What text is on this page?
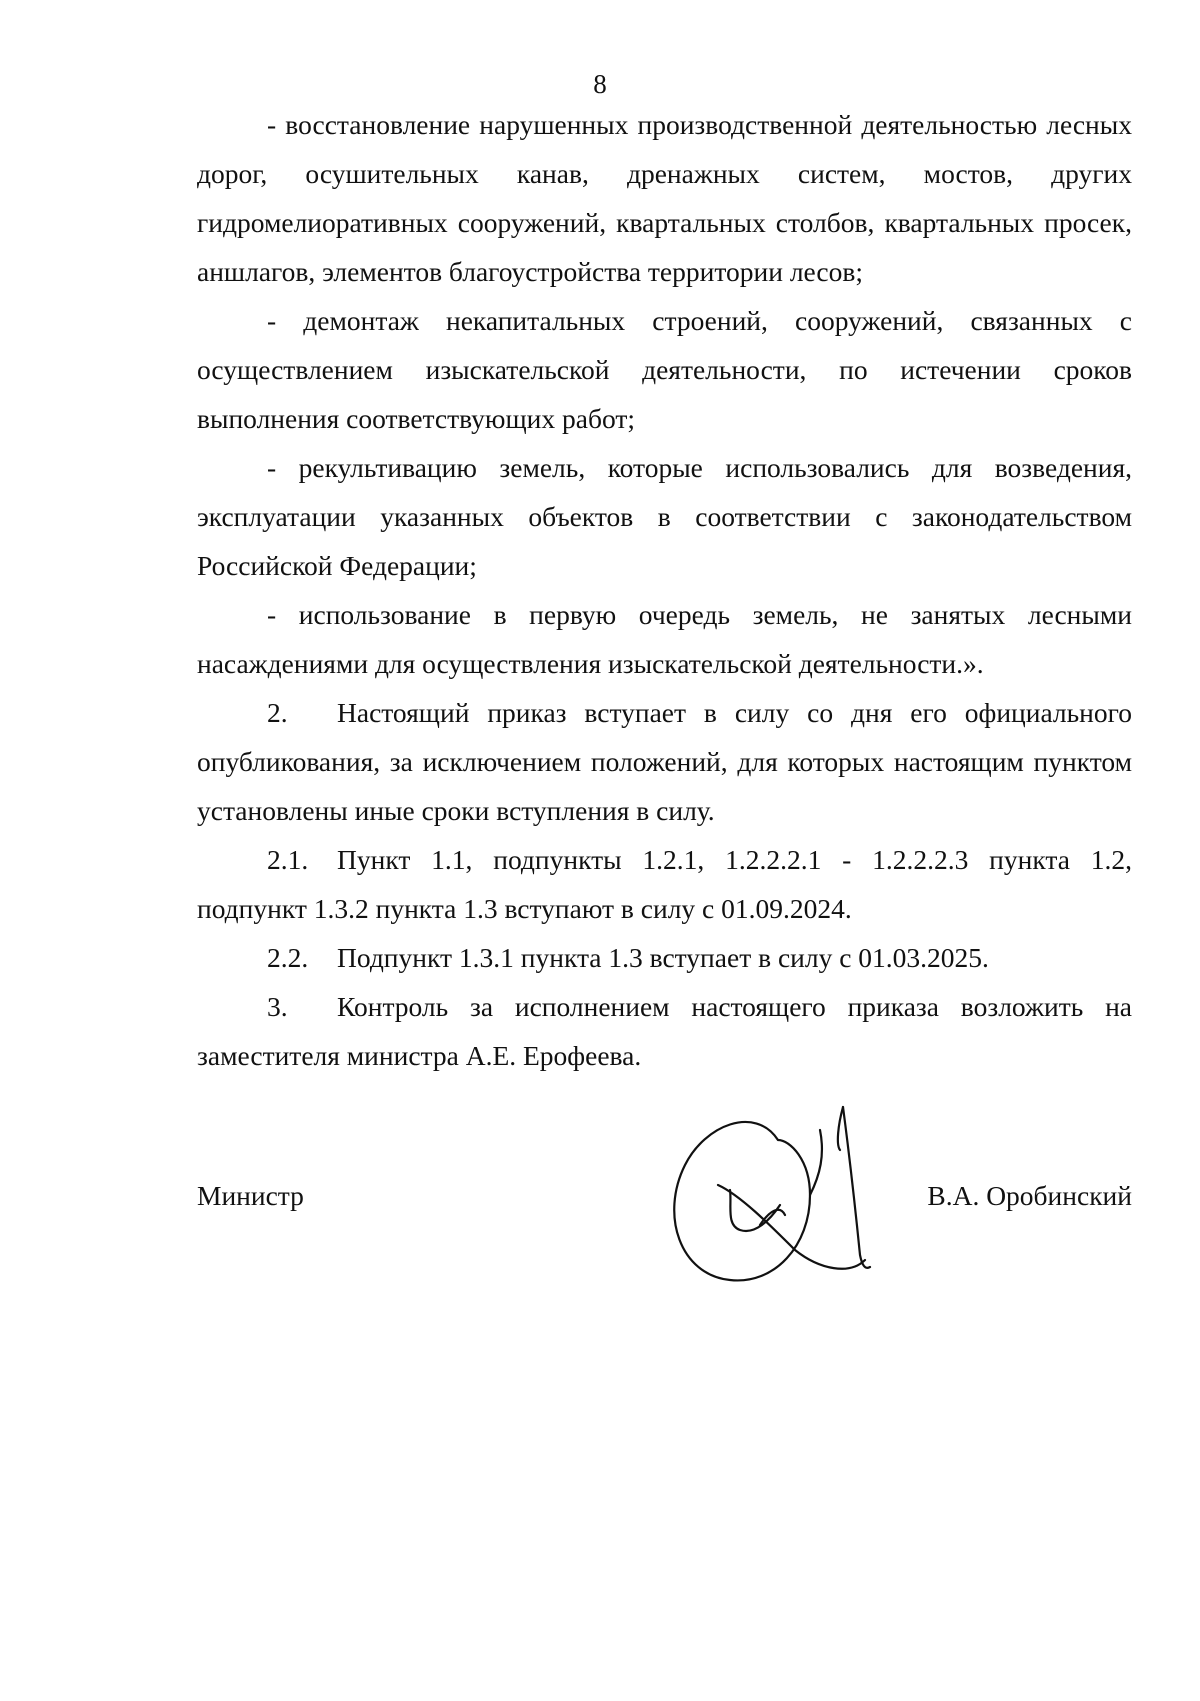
8

- восстановление нарушенных производственной деятельностью лесных дорог, осушительных канав, дренажных систем, мостов, других гидромелиоративных сооружений, квартальных столбов, квартальных просек, аншлагов, элементов благоустройства территории лесов;

- демонтаж некапитальных строений, сооружений, связанных с осуществлением изыскательской деятельности, по истечении сроков выполнения соответствующих работ;

- рекультивацию земель, которые использовались для возведения, эксплуатации указанных объектов в соответствии с законодательством Российской Федерации;

- использование в первую очередь земель, не занятых лесными насаждениями для осуществления изыскательской деятельности.».

2. Настоящий приказ вступает в силу со дня его официального опубликования, за исключением положений, для которых настоящим пунктом установлены иные сроки вступления в силу.

2.1. Пункт 1.1, подпункты 1.2.1, 1.2.2.2.1 - 1.2.2.2.3 пункта 1.2, подпункт 1.3.2 пункта 1.3 вступают в силу с 01.09.2024.

2.2. Подпункт 1.3.1 пункта 1.3 вступает в силу с 01.03.2025.

3. Контроль за исполнением настоящего приказа возложить на заместителя министра А.Е. Ерофеева.

Министр	В.А. Оробинский
